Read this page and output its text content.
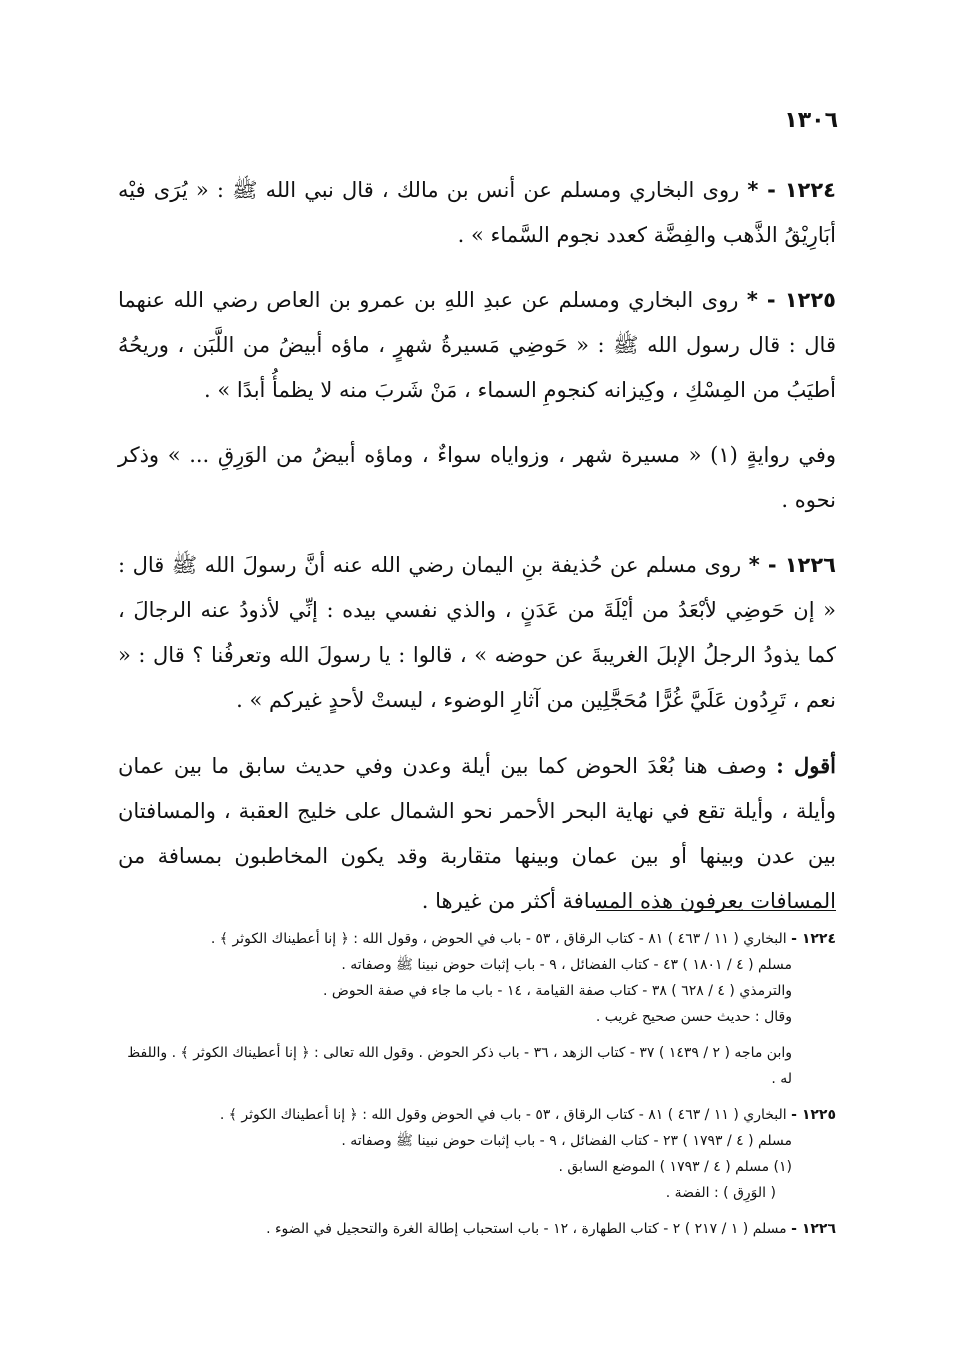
١٣٠٦

١٢٢٤ - * روى البخاري ومسلم عن أنس بن مالك ، قال نبي الله ﷺ : « يُرَى فيْه أبَارِيْقُ الذَّهب والفِضَّة كعدد نجوم السَّماء » .

١٢٢٥ - * روى البخاري ومسلم عن عبدِ اللهِ بن عمرو بن العاص رضي الله عنهما قال : قال رسول الله ﷺ : « حَوضِي مَسيرةُ شهرٍ ، ماؤه أبيضُ من اللَّبَن ، وريحُهُ أطيَبُ من المِسْكِ ، وكِيزانه كنجومِ السماء ، مَنْ شَربَ منه لا يظمأُ أبدًا » .

وفي روايةٍ (١) « مسيرة شهر ، وزواياه سواءٌ ، وماؤه أبيضُ من الوَرِقِ ... » وذكر نحوه .

١٢٢٦ - * روى مسلم عن حُذيفة بنِ اليمان رضي الله عنه أنَّ رسولَ الله ﷺ قال : « إن حَوضِي لأبْعَدُ من أيْلَةَ من عَدَنٍ ، والذي نفسي بيده : إنِّي لأذودُ عنه الرجالَ ، كما يذودُ الرجلُ الإبلَ الغريبةَ عن حوضه » ، قالوا : يا رسولَ الله وتعرفُنا ؟ قال : « نعم ، تَرِدُون عَلَيَّ غُرًّا مُحَجَّلِين من آثارِ الوضوء ، ليستْ لأحدٍ غيركم » .

أقول : وصف هنا بُعْدَ الحوض كما بين أيلة وعدن وفي حديث سابق ما بين عمان وأيلة ، وأيلة تقع في نهاية البحر الأحمر نحو الشمال على خليج العقبة ، والمسافتان بين عدن وبينها أو بين عمان وبينها متقاربة وقد يكون المخاطبون بمسافة من المسافات يعرفون هذه المسافة أكثر من غيرها .

١٢٢٤ - البخاري ( ١١ / ٤٦٣ ) ٨١ - كتاب الرقاق ، ٥٣ - باب في الحوض ، وقول الله : ﴿ إنا أعطيناك الكوثر ﴾ .

مسلم ( ٤ / ١٨٠١ ) ٤٣ - كتاب الفضائل ، ٩ - باب إثبات حوض نبينا ﷺ وصفاته .

والترمذي ( ٤ / ٦٢٨ ) ٣٨ - كتاب صفة القيامة ، ١٤ - باب ما جاء في صفة الحوض .

وقال : حديث حسن صحيح غريب .

وابن ماجه ( ٢ / ١٤٣٩ ) ٣٧ - كتاب الزهد ، ٣٦ - باب ذكر الحوض . وقول الله تعالى : ﴿ إنا أعطيناك الكوثر ﴾ . واللفظ له .

١٢٢٥ - البخاري ( ١١ / ٤٦٣ ) ٨١ - كتاب الرقاق ، ٥٣ - باب في الحوض وقول الله : ﴿ إنا أعطيناك الكوثر ﴾ .

مسلم ( ٤ / ١٧٩٣ ) ٢٣ - كتاب الفضائل ، ٩ - باب إثبات حوض نبينا ﷺ وصفاته .

(١) مسلم ( ٤ / ١٧٩٣ ) الموضع السابق .

( الوَرِق ) : الفضة .

١٢٢٦ - مسلم ( ١ / ٢١٧ ) ٢ - كتاب الطهارة ، ١٢ - باب استحباب إطالة الغرة والتحجيل في الضوء .
